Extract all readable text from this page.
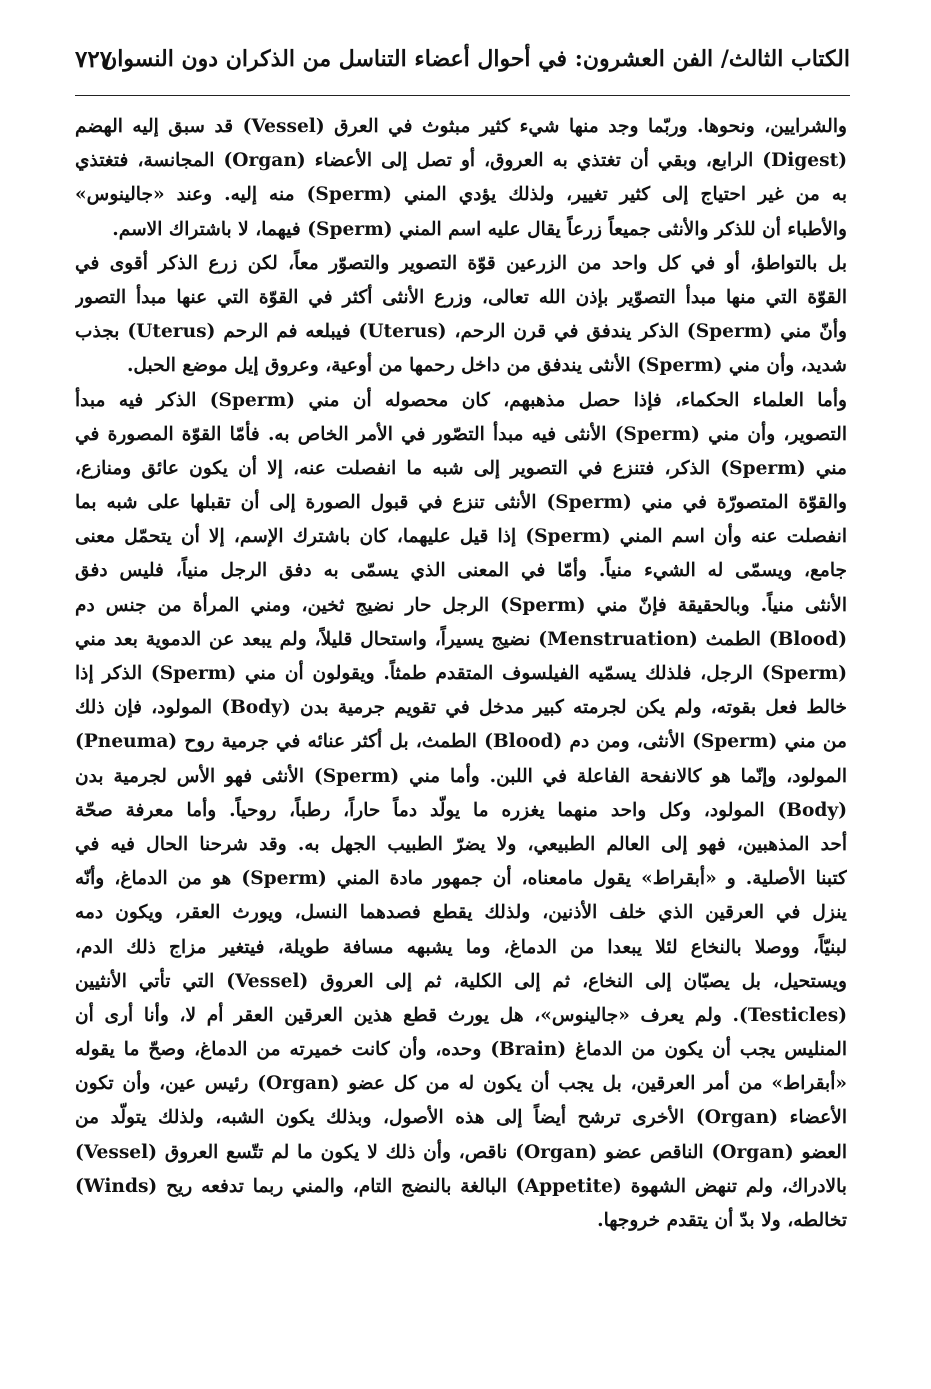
الكتاب الثالث/ الفن العشرون: في أحوال أعضاء التناسل من الذكران دون النسوان
٧٢٧
والشرايين، ونحوها. وربّما وجد منها شيء كثير مبثوث في العرق (Vessel) قد سبق إليه الهضم
(Digest) الرابع، وبقي أن تغتذي به العروق، أو تصل إلى الأعضاء (Organ) المجانسة، فتغتذي
به من غير احتياج إلى كثير تغيير، ولذلك يؤدي المني (Sperm) منه إليه. وعند «جالينوس»
والأطباء أن للذكر والأنثى جميعاً زرعاً يقال عليه اسم المني (Sperm) فيهما، لا باشتراك الاسم.
بل بالتواطؤ، أو في كل واحد من الزرعين قوّة التصوير والتصوّر معاً، لكن زرع الذكر أقوى في
القوّة التي منها مبدأ التصوّير بإذن الله تعالى، وزرع الأنثى أكثر في القوّة التي عنها مبدأ التصور
وأنّ مني (Sperm) الذكر يندفق في قرن الرحم، (Uterus) فيبلعه فم الرحم (Uterus) بجذب
شديد، وأن مني (Sperm) الأنثى يندفق من داخل رحمها من أوعية، وعروق إيل موضع الحبل.
وأما العلماء الحكماء، فإذا حصل مذهبهم، كان محصوله أن مني (Sperm) الذكر فيه مبدأ
التصوير، وأن مني (Sperm) الأنثى فيه مبدأ التصّور في الأمر الخاص به. فأمّا القوّة المصورة في
مني (Sperm) الذكر، فتنزع في التصوير إلى شبه ما انفصلت عنه، إلا أن يكون عائق ومنازع،
والقوّة المتصورّة في مني (Sperm) الأنثى تنزع في قبول الصورة إلى أن تقبلها على شبه بما
انفصلت عنه وأن اسم المني (Sperm) إذا قيل عليهما، كان باشترك الإسم، إلا أن يتحمّل معنى
جامع، ويسمّى له الشيء منياً. وأمّا في المعنى الذي يسمّى به دفق الرجل منياً، فليس دفق
الأنثى منياً. وبالحقيقة فإنّ مني (Sperm) الرجل حار نضيج ثخين، ومني المرأة من جنس دم
(Blood) الطمث (Menstruation) نضيج يسيراً، واستحال قليلاً، ولم يبعد عن الدموية بعد مني
(Sperm) الرجل، فلذلك يسمّيه الفيلسوف المتقدم طمثاً. ويقولون أن مني (Sperm) الذكر إذا
خالط فعل بقوته، ولم يكن لجرمته كبير مدخل في تقويم جرمية بدن (Body) المولود، فإن ذلك
من مني (Sperm) الأنثى، ومن دم (Blood) الطمث، بل أكثر عنائه في جرمية روح (Pneuma)
المولود، وإنّما هو كالانفحة الفاعلة في اللبن. وأما مني (Sperm) الأنثى فهو الأس لجرمية بدن
(Body) المولود، وكل واحد منهما يغزره ما يولّد دماً حاراً، رطباً، روحياً. وأما معرفة صحّة
أحد المذهبين، فهو إلى العالم الطبيعي، ولا يضرّ الطبيب الجهل به. وقد شرحنا الحال فيه في
كتبنا الأصلية. و «أبقراط» يقول مامعناه، أن جمهور مادة المني (Sperm) هو من الدماغ، وأنّه
ينزل في العرقين الذي خلف الأذنين، ولذلك يقطع فصدهما النسل، ويورث العقر، ويكون دمه
لبنيّاً، ووصلا بالنخاع لئلا يبعدا من الدماغ، وما يشبهه مسافة طويلة، فيتغير مزاج ذلك الدم،
ويستحيل، بل يصبّان إلى النخاع، ثم إلى الكلية، ثم إلى العروق (Vessel) التي تأتي الأنثيين
(Testicles). ولم يعرف «جالينوس»، هل يورث قطع هذين العرقين العقر أم لا، وأنا أرى أن
المنليس يجب أن يكون من الدماغ (Brain) وحده، وأن كانت خميرته من الدماغ، وصحّ ما يقوله
«أبقراط» من أمر العرقين، بل يجب أن يكون له من كل عضو (Organ) رئيس عين، وأن تكون
الأعضاء (Organ) الأخرى ترشح أيضاً إلى هذه الأصول، وبذلك يكون الشبه، ولذلك يتولّد من
العضو (Organ) الناقص عضو (Organ) ناقص، وأن ذلك لا يكون ما لم تتّسع العروق (Vessel)
بالادراك، ولم تنهض الشهوة (Appetite) البالغة بالنضج التام، والمني ربما تدفعه ريح (Winds)
تخالطه، ولا بدّ أن يتقدم خروجها.
